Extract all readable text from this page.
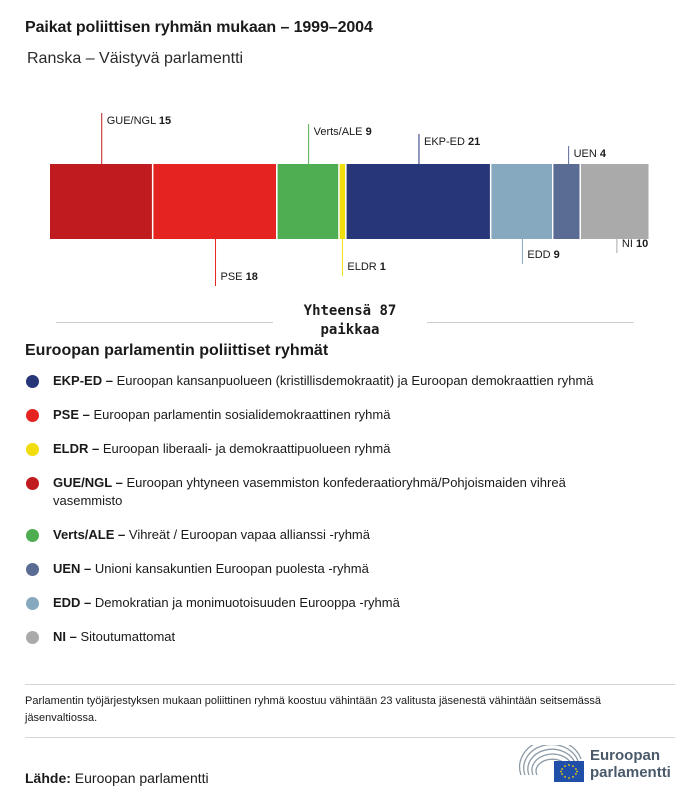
Paikat poliittisen ryhmän mukaan – 1999–2004
Ranska – Väistyvä parlamentti
GUE/NGL 15
PSE 18
Verts/ALE 9
ELDR 1
EKP-ED 21
EDD 9
UEN 4
NI 10
Yhteensä 87
paikkaa
Euroopan parlamentin poliittiset ryhmät
EKP-ED – Euroopan kansanpuolueen (kristillisdemokraatit) ja Euroopan demokraattien ryhmä
PSE – Euroopan parlamentin sosialidemokraattinen ryhmä
ELDR – Euroopan liberaali- ja demokraattipuolueen ryhmä
GUE/NGL – Euroopan yhtyneen vasemmiston konfederaatioryhmä/Pohjoismaiden vihreä vasemmisto
Verts/ALE – Vihreät / Euroopan vapaa allianssi -ryhmä
UEN – Unioni kansakuntien Euroopan puolesta -ryhmä
EDD – Demokratian ja monimuotoisuuden Eurooppa -ryhmä
NI – Sitoutumattomat
Parlamentin työjärjestyksen mukaan poliittinen ryhmä koostuu vähintään 23 valitusta jäsenestä vähintään seitsemässä jäsenvaltiossa.
Lähde: Euroopan parlamentti
Euroopan
parlamentti
